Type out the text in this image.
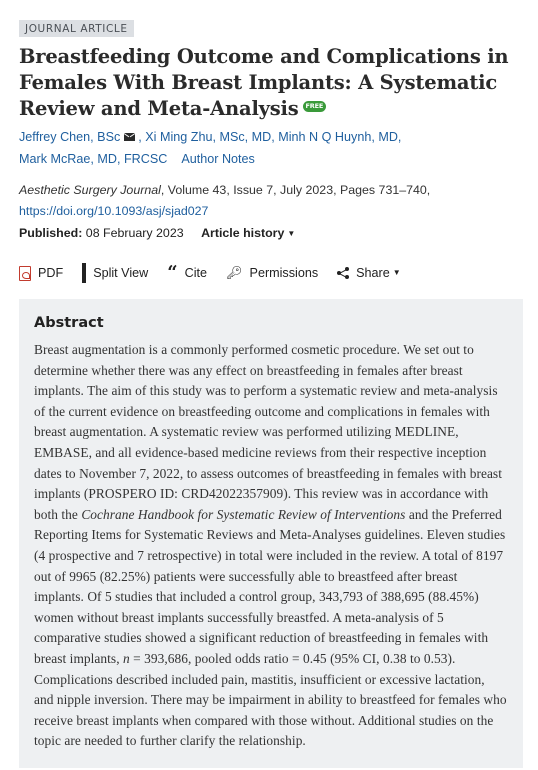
JOURNAL ARTICLE
Breastfeeding Outcome and Complications in Females With Breast Implants: A Systematic Review and Meta-Analysis FREE
Jeffrey Chen, BSc , Xi Ming Zhu, MSc, MD, Minh N Q Huynh, MD,
Mark McRae, MD, FRCSC Author Notes
Aesthetic Surgery Journal, Volume 43, Issue 7, July 2023, Pages 731–740,
https://doi.org/10.1093/asj/sjad027
Published: 08 February 2023 Article history ▼
PDF Split View “ Cite 🔑︎ Permissions	Share ▼
Abstract

Breast augmentation is a commonly performed cosmetic procedure. We set out to determine whether there was any effect on breastfeeding in females after breast implants. The aim of this study was to perform a systematic review and meta-analysis of the current evidence on breastfeeding outcome and complications in females with breast augmentation. A systematic review was performed utilizing MEDLINE, EMBASE, and all evidence-based medicine reviews from their respective inception dates to November 7, 2022, to assess outcomes of breastfeeding in females with breast implants (PROSPERO ID: CRD42022357909). This review was in accordance with both the Cochrane Handbook for Systematic Review of Interventions and the Preferred Reporting Items for Systematic Reviews and Meta-Analyses guidelines. Eleven studies (4 prospective and 7 retrospective) in total were included in the review. A total of 8197 out of 9965 (82.25%) patients were successfully able to breastfeed after breast implants. Of 5 studies that included a control group, 343,793 of 388,695 (88.45%) women without breast implants successfully breastfed. A meta-analysis of 5 comparative studies showed a significant reduction of breastfeeding in females with breast implants, n = 393,686, pooled odds ratio = 0.45 (95% CI, 0.38 to 0.53). Complications described included pain, mastitis, insufficient or excessive lactation, and nipple inversion. There may be impairment in ability to breastfeed for females who receive breast implants when compared with those without. Additional studies on the topic are needed to further clarify the relationship.
